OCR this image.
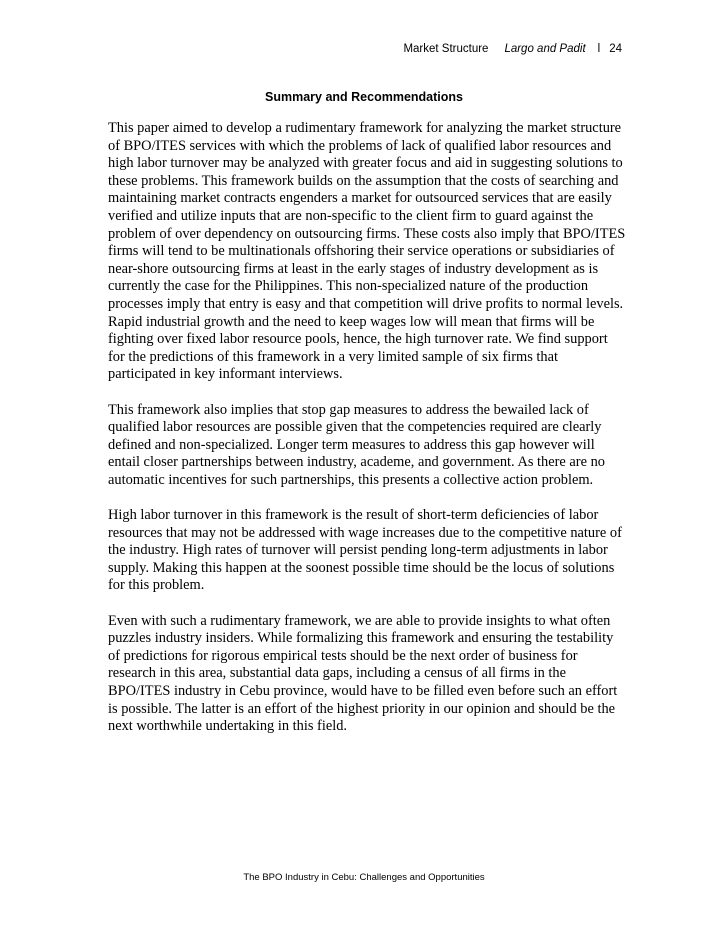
Market Structure Largo and Padit l 24
Summary and Recommendations

This paper aimed to develop a rudimentary framework for analyzing the market structure of BPO/ITES services with which the problems of lack of qualified labor resources and high labor turnover may be analyzed with greater focus and aid in suggesting solutions to these problems. This framework builds on the assumption that the costs of searching and maintaining market contracts engenders a market for outsourced services that are easily verified and utilize inputs that are non-specific to the client firm to guard against the problem of over dependency on outsourcing firms. These costs also imply that BPO/ITES firms will tend to be multinationals offshoring their service operations or subsidiaries of near-shore outsourcing firms at least in the early stages of industry development as is currently the case for the Philippines. This non-specialized nature of the production processes imply that entry is easy and that competition will drive profits to normal levels. Rapid industrial growth and the need to keep wages low will mean that firms will be fighting over fixed labor resource pools, hence, the high turnover rate. We find support for the predictions of this framework in a very limited sample of six firms that participated in key informant interviews.

This framework also implies that stop gap measures to address the bewailed lack of qualified labor resources are possible given that the competencies required are clearly defined and non-specialized. Longer term measures to address this gap however will entail closer partnerships between industry, academe, and government. As there are no automatic incentives for such partnerships, this presents a collective action problem.

High labor turnover in this framework is the result of short-term deficiencies of labor resources that may not be addressed with wage increases due to the competitive nature of the industry. High rates of turnover will persist pending long-term adjustments in labor supply. Making this happen at the soonest possible time should be the locus of solutions for this problem.

Even with such a rudimentary framework, we are able to provide insights to what often puzzles industry insiders. While formalizing this framework and ensuring the testability of predictions for rigorous empirical tests should be the next order of business for research in this area, substantial data gaps, including a census of all firms in the BPO/ITES industry in Cebu province, would have to be filled even before such an effort is possible. The latter is an effort of the highest priority in our opinion and should be the next worthwhile undertaking in this field.

The BPO Industry in Cebu: Challenges and Opportunities
